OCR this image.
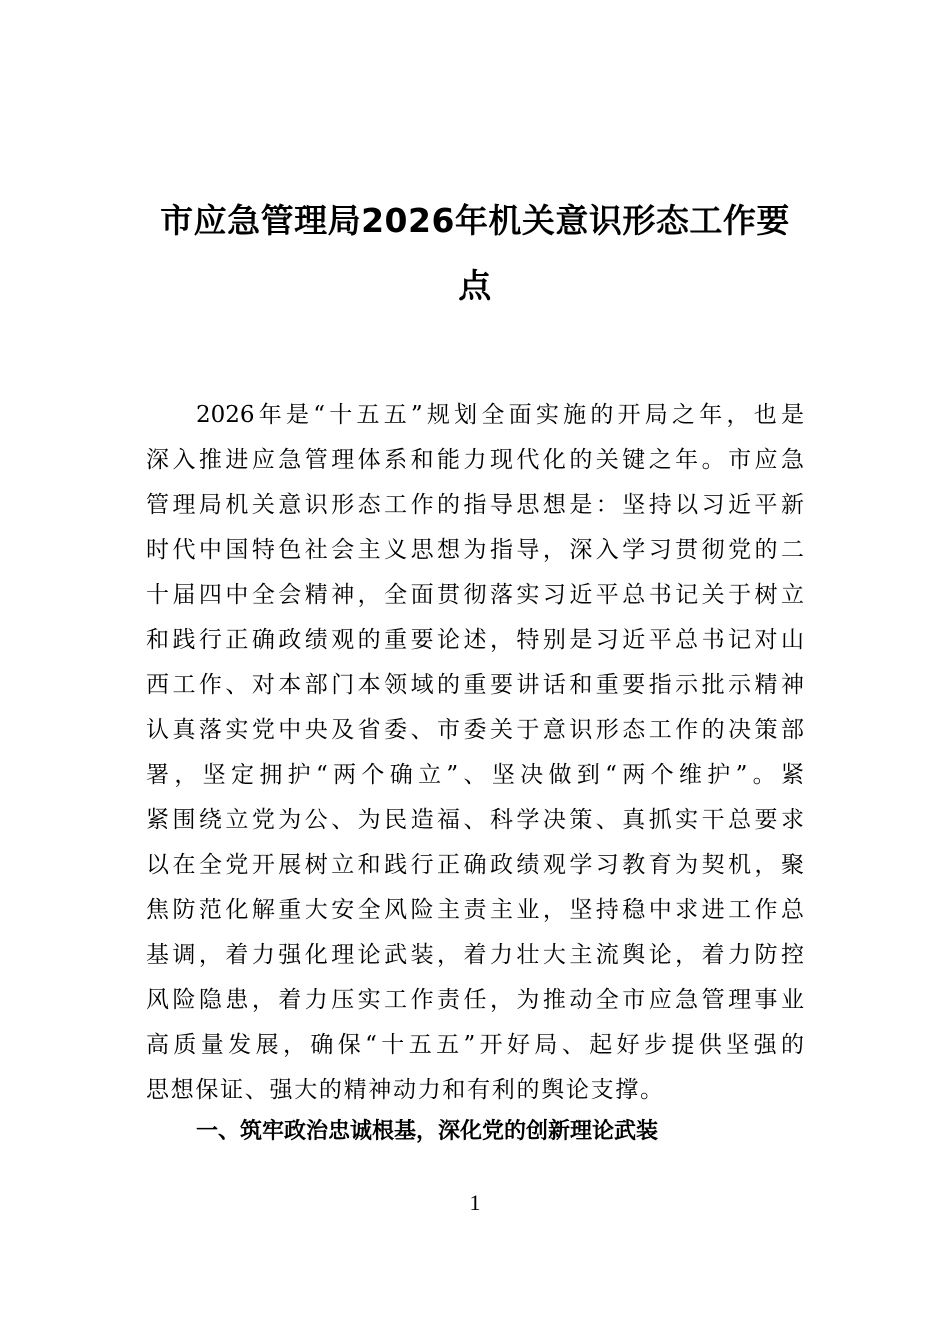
市应急管理局2026年机关意识形态工作要
点
2026年是“十五五”规划全面实施的开局之年，也是
深入推进应急管理体系和能力现代化的关键之年。市应急
管理局机关意识形态工作的指导思想是：坚持以习近平新
时代中国特色社会主义思想为指导，深入学习贯彻党的二
十届四中全会精神，全面贯彻落实习近平总书记关于树立
和践行正确政绩观的重要论述，特别是习近平总书记对山
西工作、对本部门本领域的重要讲话和重要指示批示精神
认真落实党中央及省委、市委关于意识形态工作的决策部
署，坚定拥护“两个确立”、坚决做到“两个维护”。紧
紧围绕立党为公、为民造福、科学决策、真抓实干总要求
以在全党开展树立和践行正确政绩观学习教育为契机，聚
焦防范化解重大安全风险主责主业，坚持稳中求进工作总
基调，着力强化理论武装，着力壮大主流舆论，着力防控
风险隐患，着力压实工作责任，为推动全市应急管理事业
高质量发展，确保“十五五”开好局、起好步提供坚强的
思想保证、强大的精神动力和有利的舆论支撑。
一、筑牢政治忠诚根基，深化党的创新理论武装
1
